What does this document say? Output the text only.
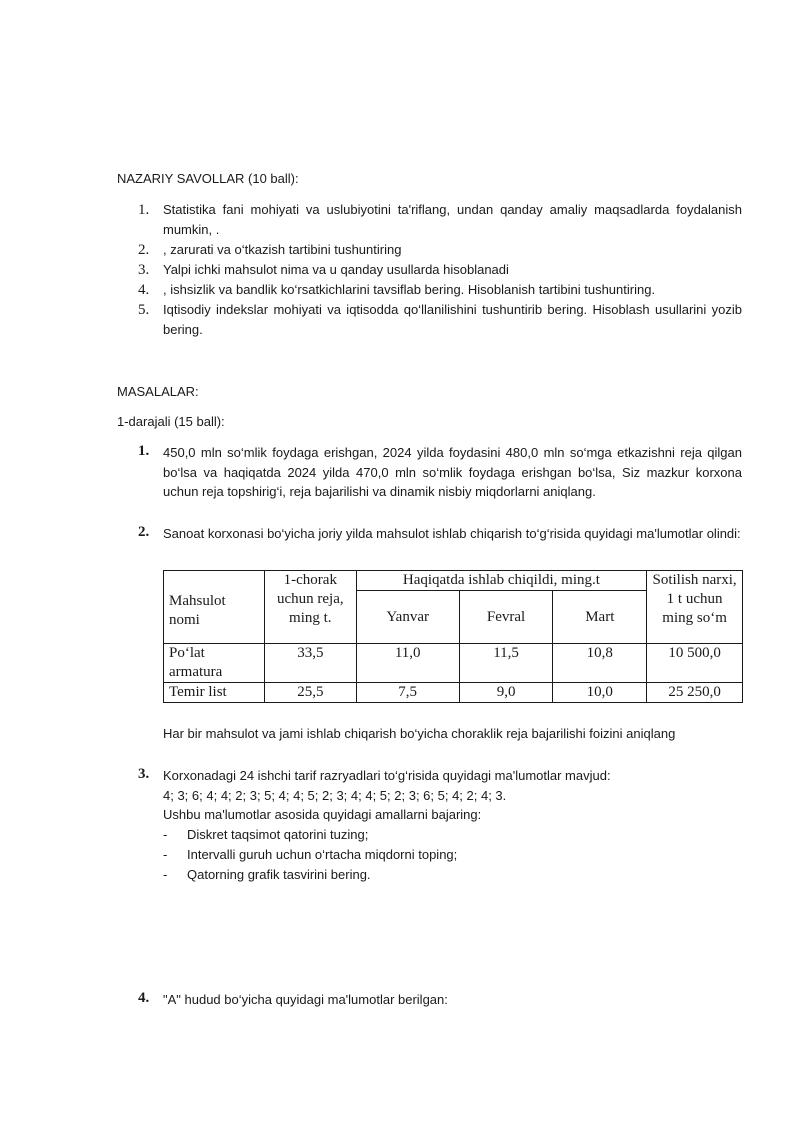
NAZARIY SAVOLLAR (10 ball):
1. Statistika fani mohiyati va uslubiyotini ta'riflang, undan qanday amaliy maqsadlarda foydalanish mumkin, .
2. , zarurati va o‘tkazish tartibini tushuntiring
3. Yalpi ichki mahsulot nima va u qanday usullarda hisoblanadi
4. , ishsizlik va bandlik ko‘rsatkichlarini tavsiflab bering. Hisoblanish tartibini tushuntiring.
5. Iqtisodiy indekslar mohiyati va iqtisodda qo‘llanilishini tushuntirib bering. Hisoblash usullarini yozib bering.
MASALALAR:
1-darajali (15 ball):
1. 450,0 mln so‘mlik foydaga erishgan, 2024 yilda foydasini 480,0 mln so‘mga etkazishni reja qilgan bo‘lsa va haqiqatda 2024 yilda 470,0 mln so‘mlik foydaga erishgan bo‘lsa, Siz mazkur korxona uchun reja topshirig‘i, reja bajarilishi va dinamik nisbiy miqdorlarni aniqlang.
2. Sanoat korxonasi bo‘yicha joriy yilda mahsulot ishlab chiqarish to‘g‘risida quyidagi ma'lumotlar olindi:
Mahsulot nomi	1-chorak uchun reja, ming t.	Haqiqatda ishlab chiqildi, ming.t			Sotilish narxi, 1 t uchun ming so‘m
		Yanvar	Fevral	Mart	
Po‘lat armatura	33,5	11,0	11,5	10,8	10 500,0
Temir list	25,5	7,5	9,0	10,0	25 250,0
Har bir mahsulot va jami ishlab chiqarish bo‘yicha choraklik reja bajarilishi foizini aniqlang
3. Korxonadagi 24 ishchi tarif razryadlari to‘g‘risida quyidagi ma'lumotlar mavjud:
4; 3; 6; 4; 4; 2; 3; 5; 4; 4; 5; 2; 3; 4; 4; 5; 2; 3; 6; 5; 4; 2; 4; 3.
Ushbu ma'lumotlar asosida quyidagi amallarni bajaring:
- Diskret taqsimot qatorini tuzing;
- Intervalli guruh uchun o‘rtacha miqdorni toping;
- Qatorning grafik tasvirini bering.
4. "A" hudud bo‘yicha quyidagi ma'lumotlar berilgan:
